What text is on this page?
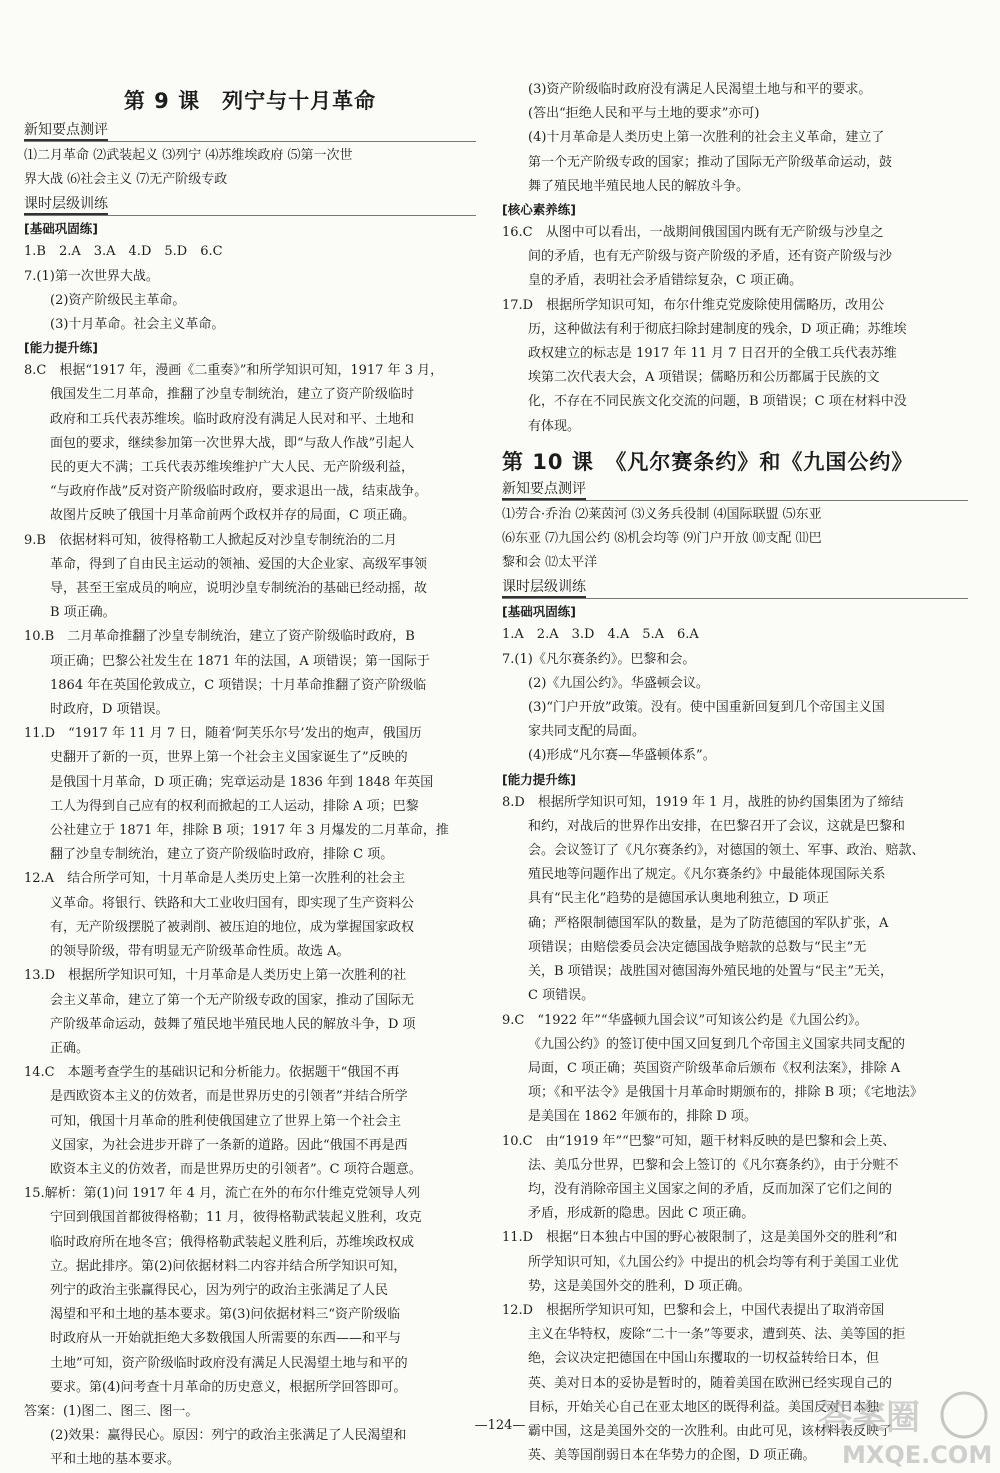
第 9 课　列宁与十月革命
新知要点测评
⑴二月革命 ⑵武装起义 ⑶列宁 ⑷苏维埃政府 ⑸第一次世
界大战 ⑹社会主义 ⑺无产阶级专政
课时层级训练
[基础巩固练]
1.B　2.A　3.A　4.D　5.D　6.C
7.(1)第一次世界大战。
(2)资产阶级民主革命。
(3)十月革命。社会主义革命。
[能力提升练]
8.C　根据“1917 年，漫画《二重奏》”和所学知识可知，1917 年 3 月，
俄国发生二月革命，推翻了沙皇专制统治，建立了资产阶级临时
政府和工兵代表苏维埃。临时政府没有满足人民对和平、土地和
面包的要求，继续参加第一次世界大战，即“与敌人作战”引起人
民的更大不满；工兵代表苏维埃维护广大人民、无产阶级利益，
“与政府作战”反对资产阶级临时政府，要求退出一战，结束战争。
故图片反映了俄国十月革命前两个政权并存的局面，C 项正确。
9.B　依据材料可知，彼得格勒工人掀起反对沙皇专制统治的二月
革命，得到了自由民主运动的领袖、爱国的大企业家、高级军事领
导，甚至王室成员的响应，说明沙皇专制统治的基础已经动摇，故
B 项正确。
10.B　二月革命推翻了沙皇专制统治，建立了资产阶级临时政府，B
项正确；巴黎公社发生在 1871 年的法国，A 项错误；第一国际于
1864 年在英国伦敦成立，C 项错误；十月革命推翻了资产阶级临
时政府，D 项错误。
11.D　“1917 年 11 月 7 日，随着‘阿芙乐尔号’发出的炮声，俄国历
史翻开了新的一页，世界上第一个社会主义国家诞生了”反映的
是俄国十月革命，D 项正确；宪章运动是 1836 年到 1848 年英国
工人为得到自己应有的权利而掀起的工人运动，排除 A 项；巴黎
公社建立于 1871 年，排除 B 项；1917 年 3 月爆发的二月革命，推
翻了沙皇专制统治，建立了资产阶级临时政府，排除 C 项。
12.A　结合所学可知，十月革命是人类历史上第一次胜利的社会主
义革命。将银行、铁路和大工业收归国有，即实现了生产资料公
有，无产阶级摆脱了被剥削、被压迫的地位，成为掌握国家政权
的领导阶级，带有明显无产阶级革命性质。故选 A。
13.D　根据所学知识可知，十月革命是人类历史上第一次胜利的社
会主义革命，建立了第一个无产阶级专政的国家，推动了国际无
产阶级革命运动，鼓舞了殖民地半殖民地人民的解放斗争，D 项
正确。
14.C　本题考查学生的基础识记和分析能力。依据题干“俄国不再
是西欧资本主义的仿效者，而是世界历史的引领者”并结合所学
可知，俄国十月革命的胜利使俄国建立了世界上第一个社会主
义国家，为社会进步开辟了一条新的道路。因此“俄国不再是西
欧资本主义的仿效者，而是世界历史的引领者”。C 项符合题意。
15.解析：第(1)问 1917 年 4 月，流亡在外的布尔什维克党领导人列
宁回到俄国首都彼得格勒；11 月，彼得格勒武装起义胜利，攻克
临时政府所在地冬宫；俄得格勒武装起义胜利后，苏维埃政权成
立。据此排序。第(2)问依据材料二内容并结合所学知识可知，
列宁的政治主张赢得民心，因为列宁的政治主张满足了人民
渴望和平和土地的基本要求。第(3)问依据材料三“资产阶级临
时政府从一开始就拒绝大多数俄国人所需要的东西——和平与
土地”可知，资产阶级临时政府没有满足人民渴望土地与和平的
要求。第(4)问考查十月革命的历史意义，根据所学回答即可。
答案：(1)图二、图三、图一。
(2)效果：赢得民心。原因：列宁的政治主张满足了人民渴望和
平和土地的基本要求。
(3)资产阶级临时政府没有满足人民渴望土地与和平的要求。
(答出“拒绝人民和平与土地的要求”亦可)
(4)十月革命是人类历史上第一次胜利的社会主义革命，建立了
第一个无产阶级专政的国家；推动了国际无产阶级革命运动，鼓
舞了殖民地半殖民地人民的解放斗争。
[核心素养练]
16.C　从图中可以看出，一战期间俄国国内既有无产阶级与沙皇之
间的矛盾，也有无产阶级与资产阶级的矛盾，还有资产阶级与沙
皇的矛盾，表明社会矛盾错综复杂，C 项正确。
17.D　根据所学知识可知，布尔什维克党废除使用儒略历，改用公
历，这种做法有利于彻底扫除封建制度的残余，D 项正确；苏维埃
政权建立的标志是 1917 年 11 月 7 日召开的全俄工兵代表苏维
埃第二次代表大会，A 项错误；儒略历和公历都属于民族的文
化，不存在不同民族文化交流的问题，B 项错误；C 项在材料中没
有体现。
第 10 课　《凡尔赛条约》和《九国公约》
新知要点测评
⑴劳合·乔治 ⑵莱茵河 ⑶义务兵役制 ⑷国际联盟 ⑸东亚
⑹东亚 ⑺九国公约 ⑻机会均等 ⑼门户开放 ⑽支配 ⑾巴
黎和会 ⑿太平洋
课时层级训练
[基础巩固练]
1.A　2.A　3.D　4.A　5.A　6.A
7.(1)《凡尔赛条约》。巴黎和会。
(2)《九国公约》。华盛顿会议。
(3)“门户开放”政策。没有。使中国重新回复到几个帝国主义国
家共同支配的局面。
(4)形成“凡尔赛—华盛顿体系”。
[能力提升练]
8.D　根据所学知识可知，1919 年 1 月，战胜的协约国集团为了缔结
和约，对战后的世界作出安排，在巴黎召开了会议，这就是巴黎和
会。会议签订了《凡尔赛条约》，对德国的领土、军事、政治、赔款、
殖民地等问题作出了规定。《凡尔赛条约》中最能体现国际关系
具有“民主化”趋势的是德国承认奥地利独立，D 项正
确；严格限制德国军队的数量，是为了防范德国的军队扩张，A
项错误；由赔偿委员会决定德国战争赔款的总数与“民主”无
关，B 项错误；战胜国对德国海外殖民地的处置与“民主”无关，
C 项错误。
9.C　“1922 年”“华盛顿九国会议”可知该公约是《九国公约》。
《九国公约》的签订使中国又回复到几个帝国主义国家共同支配的
局面，C 项正确；英国资产阶级革命后颁布《权利法案》，排除 A
项；《和平法令》是俄国十月革命时期颁布的，排除 B 项；《宅地法》
是美国在 1862 年颁布的，排除 D 项。
10.C　由“1919 年”“巴黎”可知，题干材料反映的是巴黎和会上英、
法、美瓜分世界，巴黎和会上签订的《凡尔赛条约》，由于分赃不
均，没有消除帝国主义国家之间的矛盾，反而加深了它们之间的
矛盾，形成新的隐患。因此 C 项正确。
11.D　根据“日本独占中国的野心被限制了，这是美国外交的胜利”和
所学知识可知，《九国公约》中提出的机会均等有利于美国工业优
势，这是美国外交的胜利，D 项正确。
12.D　根据所学知识可知，巴黎和会上，中国代表提出了取消帝国
主义在华特权，废除“二十一条”等要求，遭到英、法、美等国的拒
绝，会议决定把德国在中国山东攫取的一切权益转给日本，但
英、美对日本的妥协是暂时的，随着美国在欧洲已经实现自己的
目标，开始关心自己在亚太地区的既得利益。美国反对日本独
霸中国，这是美国外交的一次胜利。由此可见，该材料表反映了
英、美等国削弱日本在华势力的企图，D 项正确。
—124—	答案圈
MXQE.COM
